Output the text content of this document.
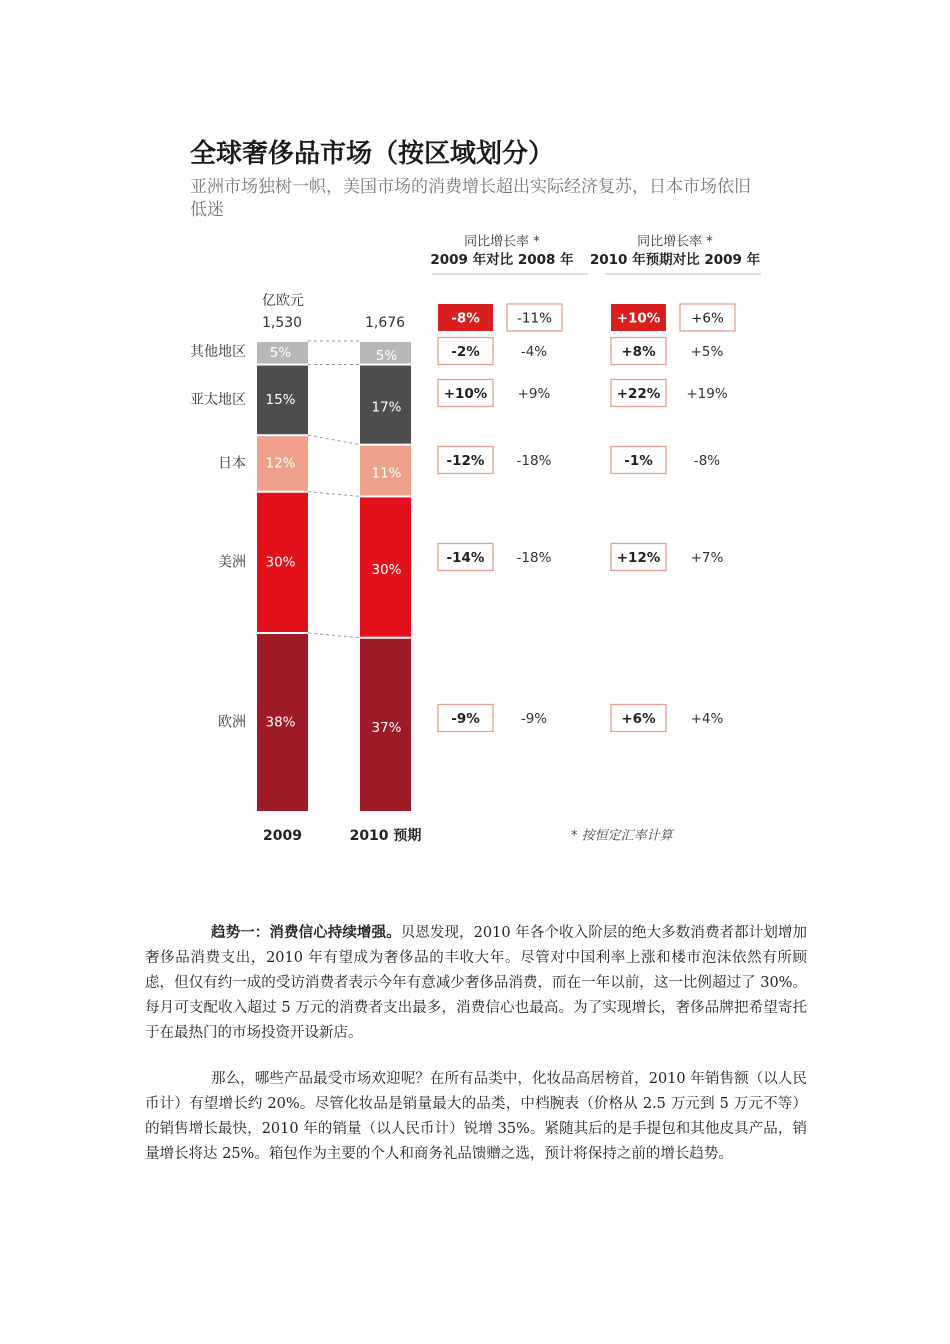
全球奢侈品市场（按区域划分）
亚洲市场独树一帜，美国市场的消费增长超出实际经济复苏，日本市场依旧低迷
38%
30%
12%
15%
5%
2009
37%
30%
11%
17%
5%
2010 预期
亿欧元
1,530	1,676
欧洲
美洲
日本
亚太地区
其他地区
同比增长率 *
2009 年对比 2008 年
同比增长率 *
2010 年预期对比 2009 年
-8%	-11%	+10% +6%
-2%	-4%	+8%	+5%
+10% +9%	+22% +19%
-12% -18%	-1%	-8%
-14% -18%	+12% +7%
-9%	-9%	+6%	+4%
* 按恒定汇率计算

趋势一：消费信心持续增强。贝恩发现，2010 年各个收入阶层的绝大多数消费者都计划增加奢侈品消费支出，2010 年有望成为奢侈品的丰收大年。尽管对中国利率上涨和楼市泡沫依然有所顾虑，但仅有约一成的受访消费者表示今年有意减少奢侈品消费，而在一年以前，这一比例超过了 30%。每月可支配收入超过 5 万元的消费者支出最多，消费信心也最高。为了实现增长，奢侈品牌把希望寄托于在最热门的市场投资开设新店。

那么，哪些产品最受市场欢迎呢？在所有品类中，化妆品高居榜首，2010 年销售额（以人民币计）有望增长约 20%。尽管化妆品是销量最大的品类，中档腕表（价格从 2.5 万元到 5 万元不等）的销售增长最快，2010 年的销量（以人民币计）锐增 35%。紧随其后的是手提包和其他皮具产品，销量增长将达 25%。箱包作为主要的个人和商务礼品馈赠之选，预计将保持之前的增长趋势。
